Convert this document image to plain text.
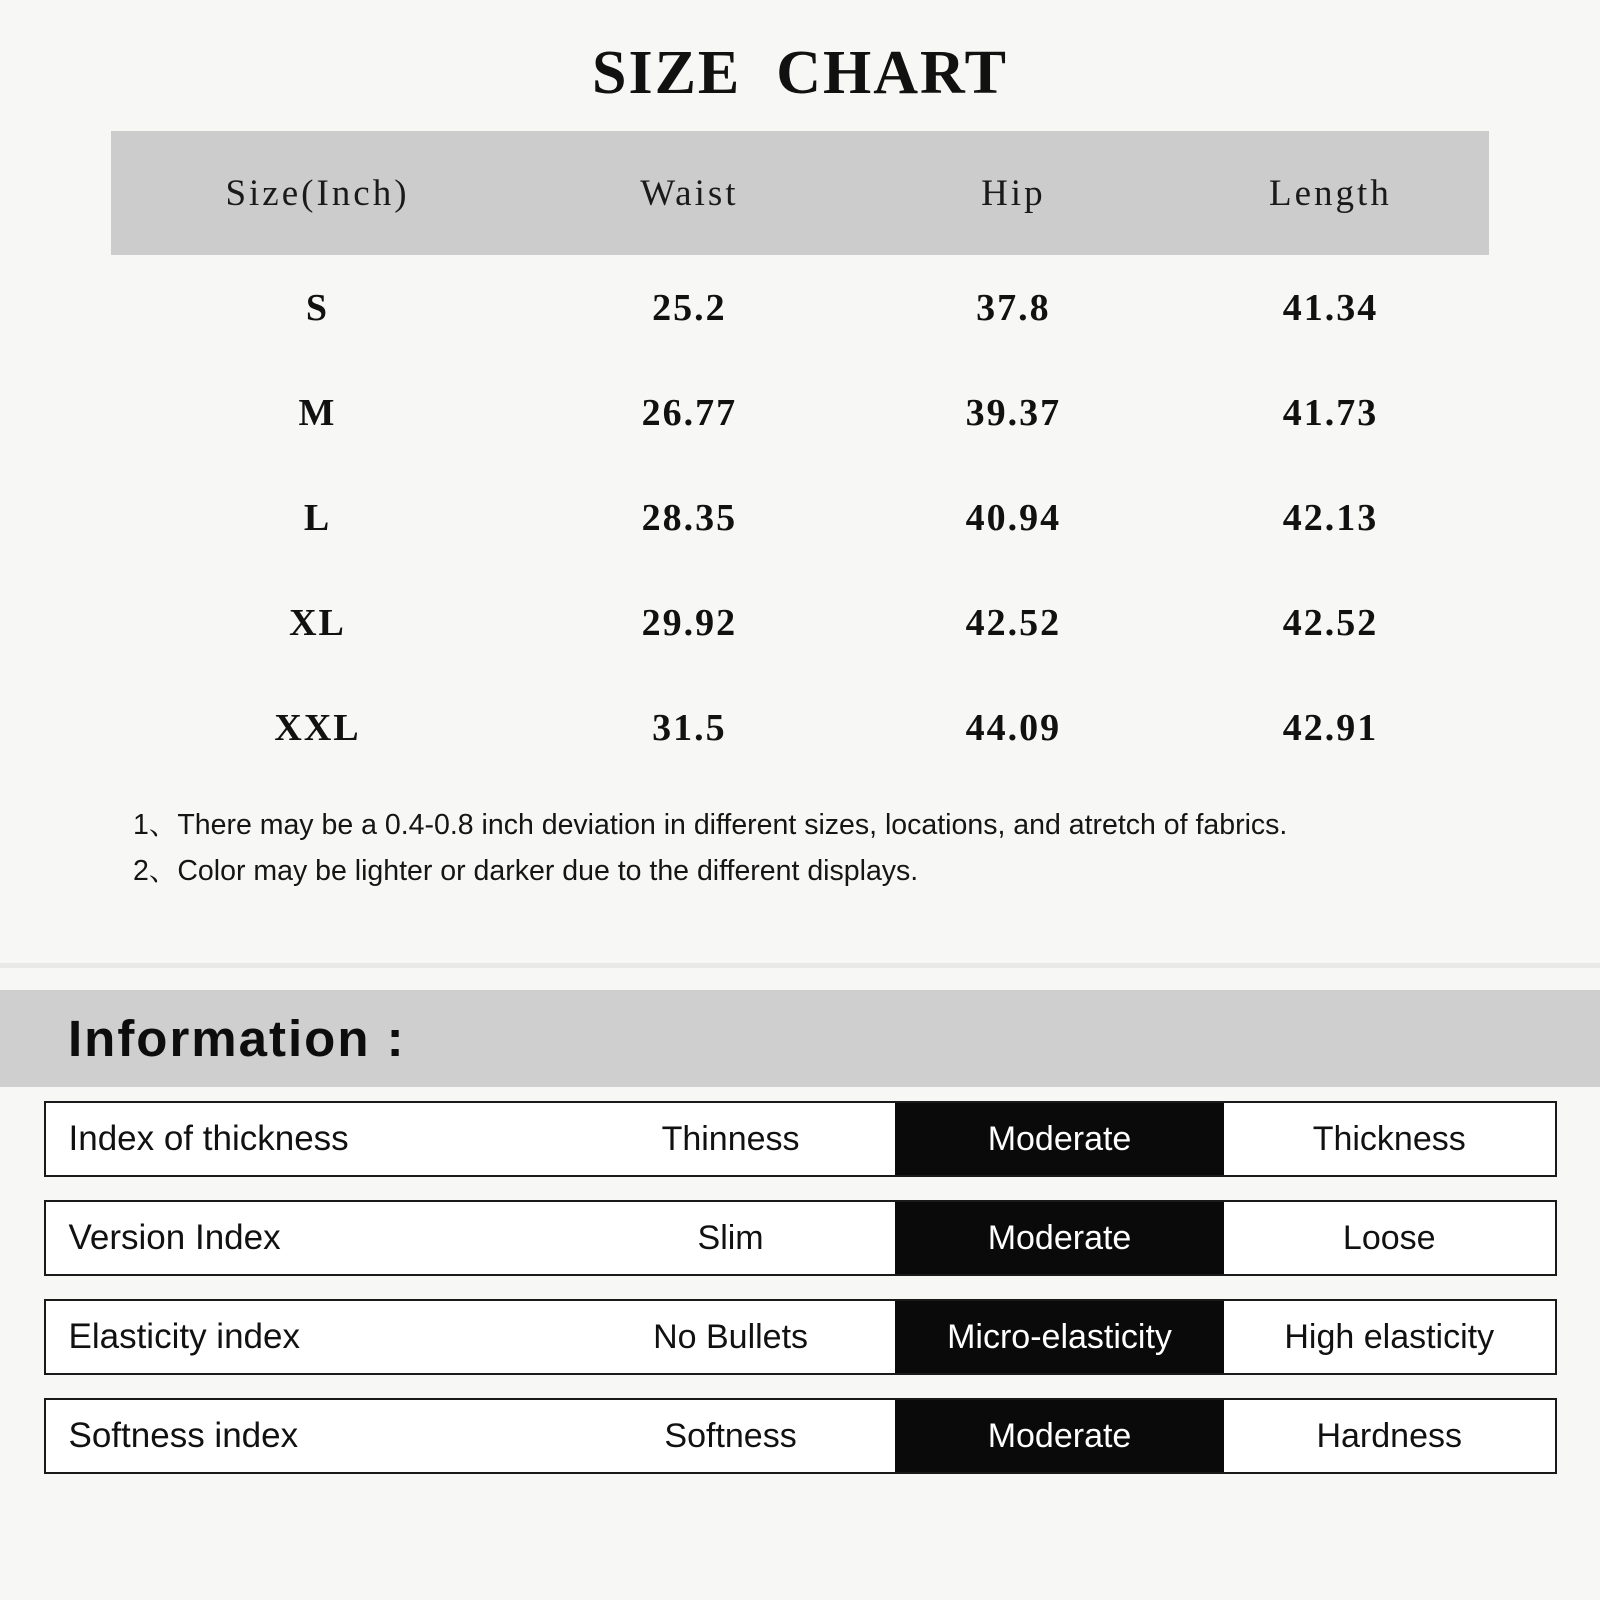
SIZE  CHART
Size(Inch)	Waist	Hip	Length
S	25.2	37.8	41.34
M	26.77	39.37	41.73
L	28.35	40.94	42.13
XL	29.92	42.52	42.52
XXL	31.5	44.09	42.91
1、There may be a 0.4-0.8 inch deviation in different sizes, locations, and atretch of fabrics.
2、Color may be lighter or darker due to the different displays.
Information :
Index of thickness	Thinness	Moderate	Thickness
Version Index	Slim	Moderate	Loose
Elasticity index	No Bullets	Micro-elasticity	High elasticity
Softness index	Softness	Moderate	Hardness
